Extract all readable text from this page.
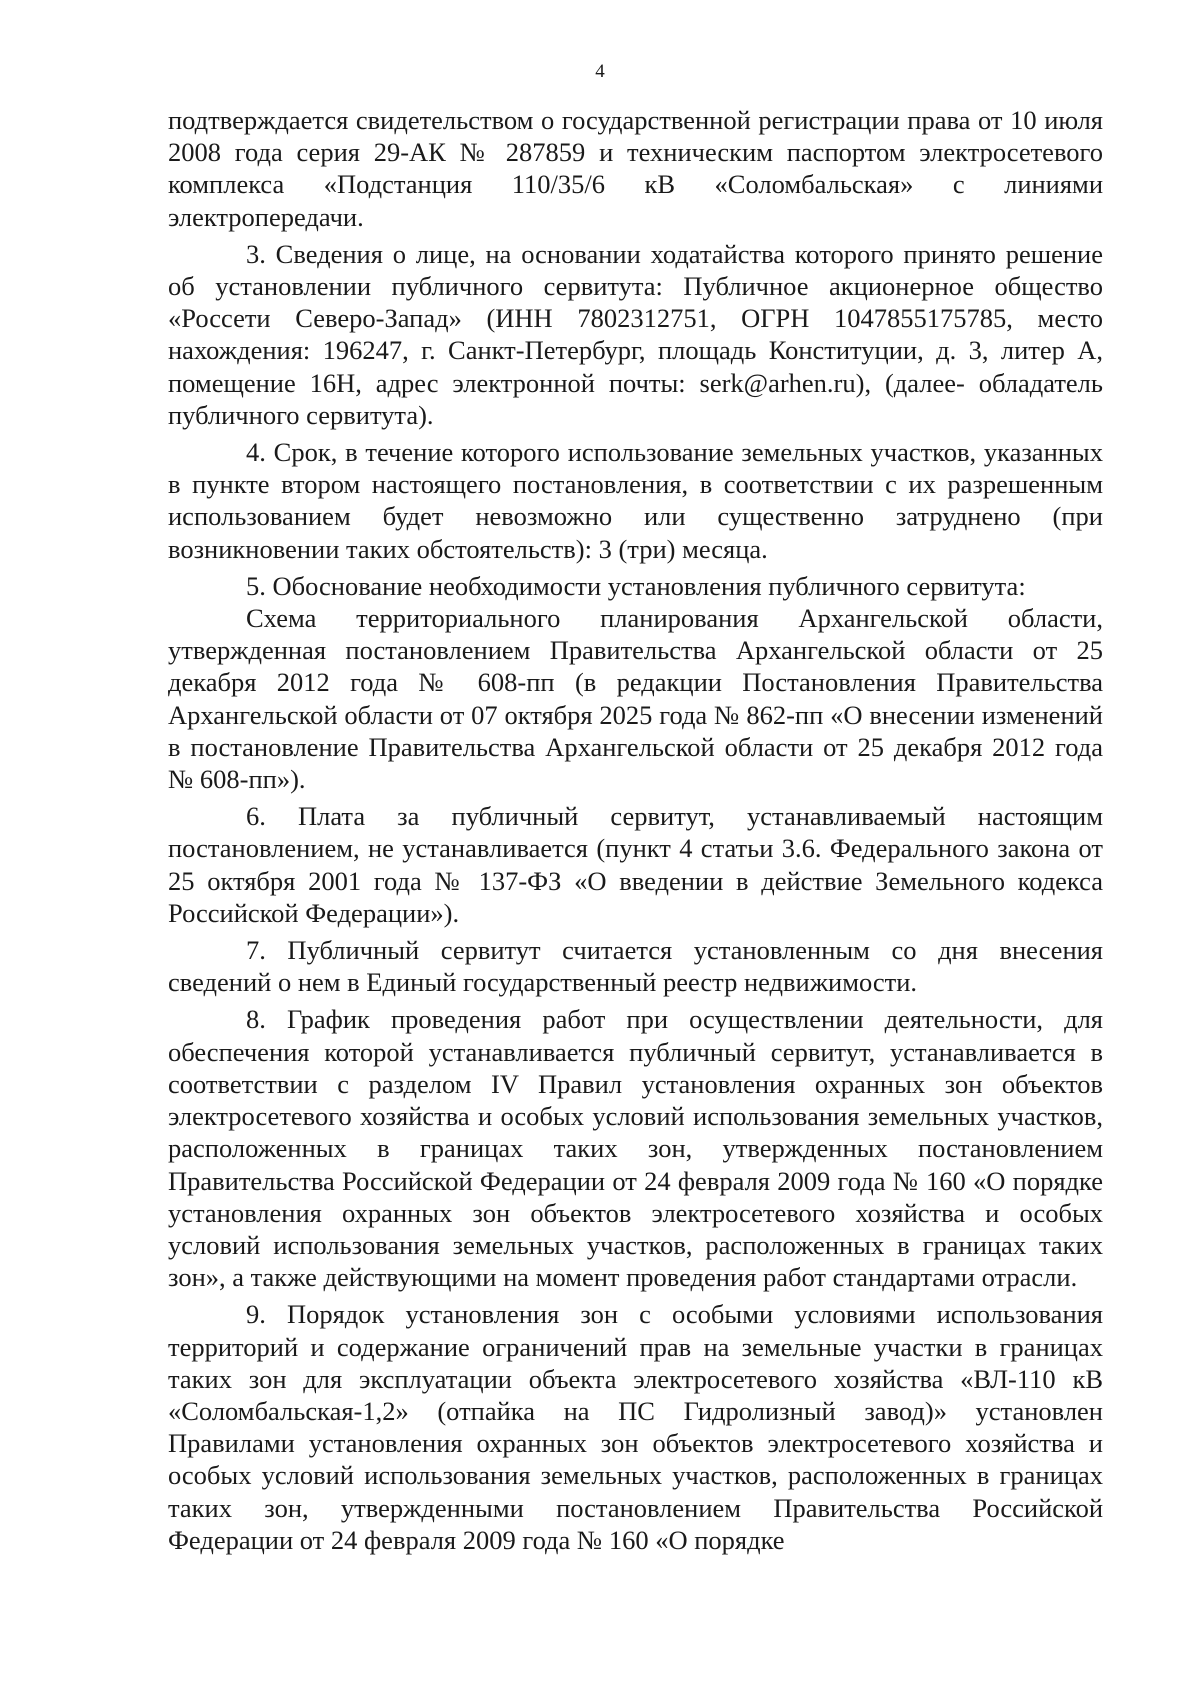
4

подтверждается свидетельством о государственной регистрации права от 10 июля 2008 года серия 29-АК № 287859 и техническим паспортом электросетевого комплекса «Подстанция 110/35/6 кВ «Соломбальская» с линиями электропередачи.

3. Сведения о лице, на основании ходатайства которого принято решение об установлении публичного сервитута: Публичное акционерное общество «Россети Северо-Запад» (ИНН 7802312751, ОГРН 1047855175785, место нахождения: 196247, г. Санкт-Петербург, площадь Конституции, д. 3, литер А, помещение 16Н, адрес электронной почты: serk@arhen.ru), (далее- обладатель публичного сервитута).

4. Срок, в течение которого использование земельных участков, указанных в пункте втором настоящего постановления, в соответствии с их разрешенным использованием будет невозможно или существенно затруднено (при возникновении таких обстоятельств): 3 (три) месяца.

5. Обоснование необходимости установления публичного сервитута:

Схема территориального планирования Архангельской области, утвержденная постановлением Правительства Архангельской области от 25 декабря 2012 года № 608-пп (в редакции Постановления Правительства Архангельской области от 07 октября 2025 года № 862-пп «О внесении изменений в постановление Правительства Архангельской области от 25 декабря 2012 года № 608-пп»).

6. Плата за публичный сервитут, устанавливаемый настоящим постановлением, не устанавливается (пункт 4 статьи 3.6. Федерального закона от 25 октября 2001 года № 137-ФЗ «О введении в действие Земельного кодекса Российской Федерации»).

7. Публичный сервитут считается установленным со дня внесения сведений о нем в Единый государственный реестр недвижимости.

8. График проведения работ при осуществлении деятельности, для обеспечения которой устанавливается публичный сервитут, устанавливается в соответствии с разделом IV Правил установления охранных зон объектов электросетевого хозяйства и особых условий использования земельных участков, расположенных в границах таких зон, утвержденных постановлением Правительства Российской Федерации от 24 февраля 2009 года № 160 «О порядке установления охранных зон объектов электросетевого хозяйства и особых условий использования земельных участков, расположенных в границах таких зон», а также действующими на момент проведения работ стандартами отрасли.

9. Порядок установления зон с особыми условиями использования территорий и содержание ограничений прав на земельные участки в границах таких зон для эксплуатации объекта электросетевого хозяйства «ВЛ-110 кВ «Соломбальская-1,2» (отпайка на ПС Гидролизный завод)» установлен Правилами установления охранных зон объектов электросетевого хозяйства и особых условий использования земельных участков, расположенных в границах таких зон, утвержденными постановлением Правительства Российской Федерации от 24 февраля 2009 года № 160 «О порядке
